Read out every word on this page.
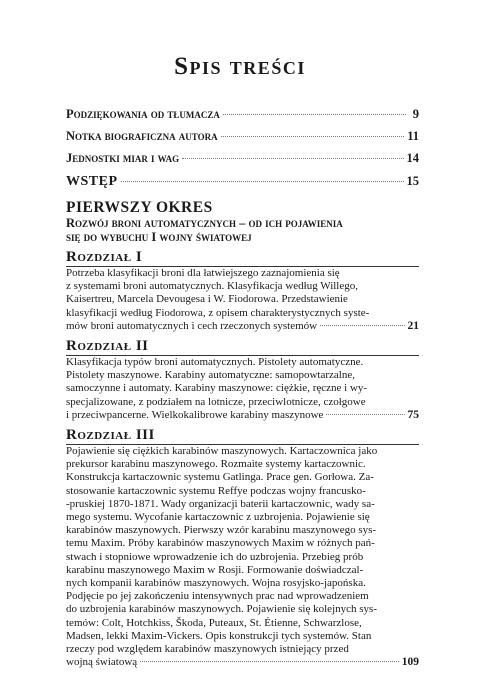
Spis treści
Podziękowania od tłumacza	9
Notka biograficzna autora	11
Jednostki miar i wag	14
WSTĘP	15
PIERWSZY OKRES
Rozwój broni automatycznych – od ich pojawienia
się do wybuchu I wojny światowej
Rozdział I
Potrzeba klasyfikacji broni dla łatwiejszego zaznajomienia się
z systemami broni automatycznych. Klasyfikacja według Willego,
Kaisertreu, Marcela Devougesa i W. Fiodorowa. Przedstawienie
klasyfikacji według Fiodorowa, z opisem charakterystycznych syste-
mów broni automatycznych i cech rzeczonych systemów	21
Rozdział II
Klasyfikacja typów broni automatycznych. Pistolety automatyczne.
Pistolety maszynowe. Karabiny automatyczne: samopowtarzalne,
samoczynne i automaty. Karabiny maszynowe: ciężkie, ręczne i wy-
specjalizowane, z podziałem na lotnicze, przeciwlotnicze, czołgowe
i przeciwpancerne. Wielkokalibrowe karabiny maszynowe	75
Rozdział III
Pojawienie się ciężkich karabinów maszynowych. Kartaczownica jako
prekursor karabinu maszynowego. Rozmaite systemy kartaczownic.
Konstrukcja kartaczownic systemu Gatlinga. Prace gen. Gorłowa. Za-
stosowanie kartaczownic systemu Reffye podczas wojny francusko-
-pruskiej 1870-1871. Wady organizacji baterii kartaczownic, wady sa-
mego systemu. Wycofanie kartaczownic z uzbrojenia. Pojawienie się
karabinów maszynowych. Pierwszy wzór karabinu maszynowego sys-
temu Maxim. Próby karabinów maszynowych Maxim w różnych pań-
stwach i stopniowe wprowadzenie ich do uzbrojenia. Przebieg prób
karabinu maszynowego Maxim w Rosji. Formowanie doświadczal-
nych kompanii karabinów maszynowych. Wojna rosyjsko-japońska.
Podjęcie po jej zakończeniu intensywnych prac nad wprowadzeniem
do uzbrojenia karabinów maszynowych. Pojawienie się kolejnych sys-
temów: Colt, Hotchkiss, Škoda, Puteaux, St. Étienne, Schwarzlose,
Madsen, lekki Maxim-Vickers. Opis konstrukcji tych systemów. Stan
rzeczy pod względem karabinów maszynowych istniejący przed
wojną światową	109
